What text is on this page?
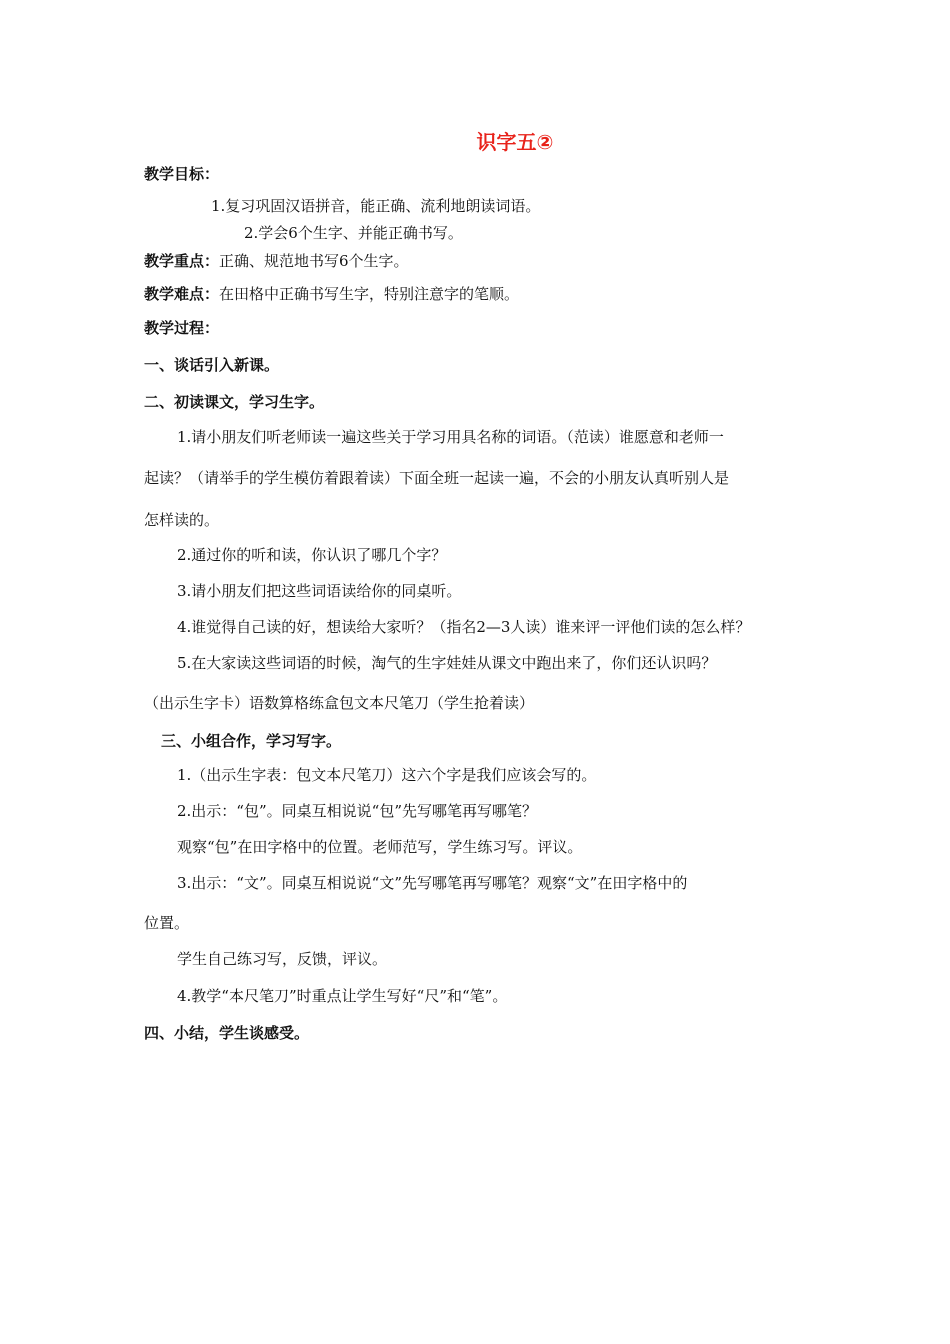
识字五②
教学目标：
1.复习巩固汉语拼音，能正确、流利地朗读词语。
2.学会6个生字、并能正确书写。
教学重点：正确、规范地书写6个生字。
教学难点：在田格中正确书写生字，特别注意字的笔顺。
教学过程：
一、谈话引入新课。
二、初读课文，学习生字。
1.请小朋友们听老师读一遍这些关于学习用具名称的词语。（范读）谁愿意和老师一
起读？（请举手的学生模仿着跟着读）下面全班一起读一遍，不会的小朋友认真听别人是
怎样读的。
2.通过你的听和读，你认识了哪几个字？
3.请小朋友们把这些词语读给你的同桌听。
4.谁觉得自己读的好，想读给大家听？（指名2—3人读）谁来评一评他们读的怎么样？
5.在大家读这些词语的时候，淘气的生字娃娃从课文中跑出来了，你们还认识吗？
（出示生字卡）语数算格练盒包文本尺笔刀（学生抢着读）
三、小组合作，学习写字。
1.（出示生字表：包文本尺笔刀）这六个字是我们应该会写的。
2.出示：“包”。同桌互相说说“包”先写哪笔再写哪笔？
观察“包”在田字格中的位置。老师范写，学生练习写。评议。
3.出示：“文”。同桌互相说说“文”先写哪笔再写哪笔？观察“文”在田字格中的
位置。
学生自己练习写，反馈，评议。
4.教学“本尺笔刀”时重点让学生写好“尺”和“笔”。
四、小结，学生谈感受。
